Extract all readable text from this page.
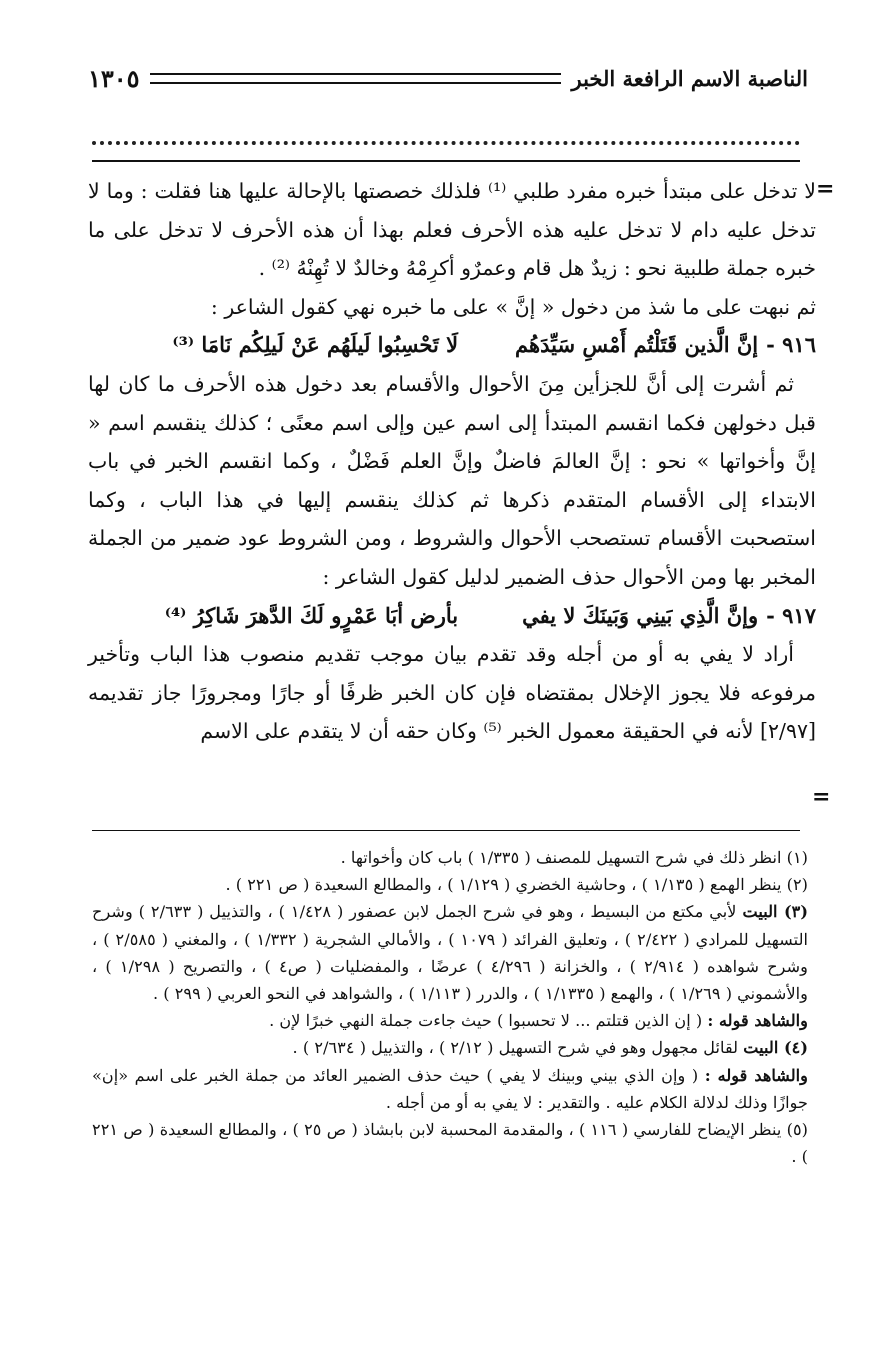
الناصبة الاسم الرافعة الخبر
١٣٠٥
=
=

لا تدخل على مبتدأ خبره مفرد طلبي ⁽¹⁾ فلذلك خصصتها بالإحالة عليها هنا فقلت : وما لا تدخل عليه دام لا تدخل عليه هذه الأحرف فعلم بهذا أن هذه الأحرف لا تدخل على ما خبره جملة طلبية نحو : زيدٌ هل قام وعمرٌو أكرِمْهُ وخالدٌ لا تُهِنْهُ ⁽²⁾ .

ثم نبهت على ما شذ من دخول « إنَّ » على ما خبره نهي كقول الشاعر :

٩١٦ -
إنَّ الَّذين قَتَلْتُم أَمْسِ سَيِّدَهُم
لَا تَحْسِبُوا لَيلَهُم عَنْ لَيلِكُم نَامَا ⁽³⁾

ثم أشرت إلى أنَّ للجزأين مِنَ الأحوال والأقسام بعد دخول هذه الأحرف ما كان لها قبل دخولهن فكما انقسم المبتدأ إلى اسم عين وإلى اسم معنًى ؛ كذلك ينقسم اسم « إنَّ وأخواتها » نحو : إنَّ العالمَ فاضلٌ وإنَّ العلم فَضْلٌ ، وكما انقسم الخبر في باب الابتداء إلى الأقسام المتقدم ذكرها ثم كذلك ينقسم إليها في هذا الباب ، وكما استصحبت الأقسام تستصحب الأحوال والشروط ، ومن الشروط عود ضمير من الجملة المخبر بها ومن الأحوال حذف الضمير لدليل كقول الشاعر :

٩١٧ -
وإنَّ الَّذِي بَينِي وَبَينَكَ لا يفي
بأرض أبَا عَمْرٍو لَكَ الدَّهرَ شَاكِرُ ⁽⁴⁾

أراد لا يفي به أو من أجله وقد تقدم بيان موجب تقديم منصوب هذا الباب وتأخير مرفوعه فلا يجوز الإخلال بمقتضاه فإن كان الخبر ظرفًا أو جارًا ومجرورًا جاز تقديمه [٢/٩٧] لأنه في الحقيقة معمول الخبر ⁽⁵⁾ وكان حقه أن لا يتقدم على الاسم

(١) انظر ذلك في شرح التسهيل للمصنف ( ١/٣٣٥ ) باب كان وأخواتها .

(٢) ينظر الهمع ( ١/١٣٥ ) ، وحاشية الخضري ( ١/١٢٩ ) ، والمطالع السعيدة ( ص ٢٢١ ) .

(٣) البيت لأبي مكتع من البسيط ، وهو في شرح الجمل لابن عصفور ( ١/٤٢٨ ) ، والتذييل ( ٢/٦٣٣ ) وشرح التسهيل للمرادي ( ٢/٤٢٢ ) ، وتعليق الفرائد ( ١٠٧٩ ) ، والأمالي الشجرية ( ١/٣٣٢ ) ، والمغني ( ٢/٥٨٥ ) ، وشرح شواهده ( ٢/٩١٤ ) ، والخزانة ( ٤/٢٩٦ ) عرضًا ، والمفضليات ( ص٤ ) ، والتصريح ( ١/٢٩٨ ) ، والأشموني ( ١/٢٦٩ ) ، والهمع ( ١/١٣٣٥ ) ، والدرر ( ١/١١٣ ) ، والشواهد في النحو العربي ( ٢٩٩ ) .

والشاهد قوله : ( إن الذين قتلتم ... لا تحسبوا ) حيث جاءت جملة النهي خبرًا لإن .

(٤) البيت لقائل مجهول وهو في شرح التسهيل ( ٢/١٢ ) ، والتذييل ( ٢/٦٣٤ ) .

والشاهد قوله : ( وإن الذي بيني وبينك لا يفي ) حيث حذف الضمير العائد من جملة الخبر على اسم «إن» جوازًا وذلك لدلالة الكلام عليه . والتقدير : لا يفي به أو من أجله .

(٥) ينظر الإيضاح للفارسي ( ١١٦ ) ، والمقدمة المحسبة لابن بابشاذ ( ص ٢٥ ) ، والمطالع السعيدة ( ص ٢٢١ ) .
